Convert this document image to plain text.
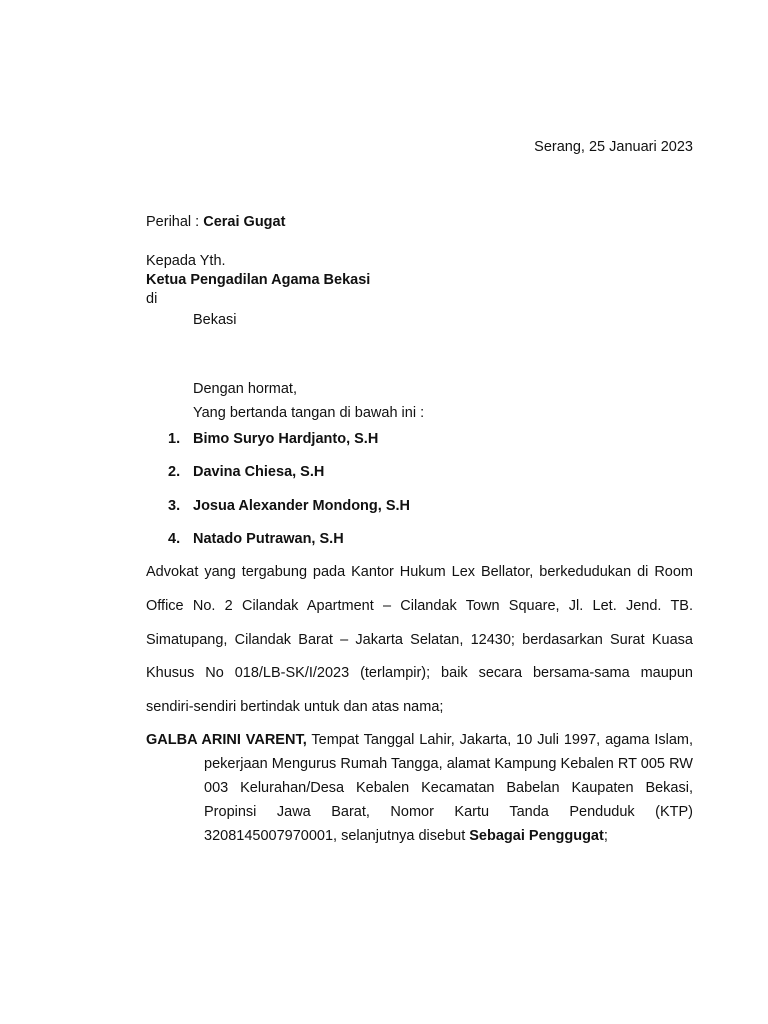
Serang, 25 Januari 2023
Perihal : Cerai Gugat
Kepada Yth.
Ketua Pengadilan Agama Bekasi
di
Bekasi
Dengan hormat,
Yang bertanda tangan di bawah ini :
1. Bimo Suryo Hardjanto, S.H
2. Davina Chiesa, S.H
3. Josua Alexander Mondong, S.H
4. Natado Putrawan, S.H
Advokat yang tergabung pada Kantor Hukum Lex Bellator, berkedudukan di Room Office No. 2 Cilandak Apartment – Cilandak Town Square, Jl. Let. Jend. TB. Simatupang, Cilandak Barat – Jakarta Selatan, 12430; berdasarkan Surat Kuasa Khusus No 018/LB-SK/I/2023 (terlampir); baik secara bersama-sama maupun sendiri-sendiri bertindak untuk dan atas nama;
GALBA ARINI VARENT, Tempat Tanggal Lahir, Jakarta, 10 Juli 1997, agama Islam, pekerjaan Mengurus Rumah Tangga, alamat Kampung Kebalen RT 005 RW 003 Kelurahan/Desa Kebalen Kecamatan Babelan Kaupaten Bekasi, Propinsi Jawa Barat, Nomor Kartu Tanda Penduduk (KTP) 3208145007970001, selanjutnya disebut Sebagai Penggugat;
